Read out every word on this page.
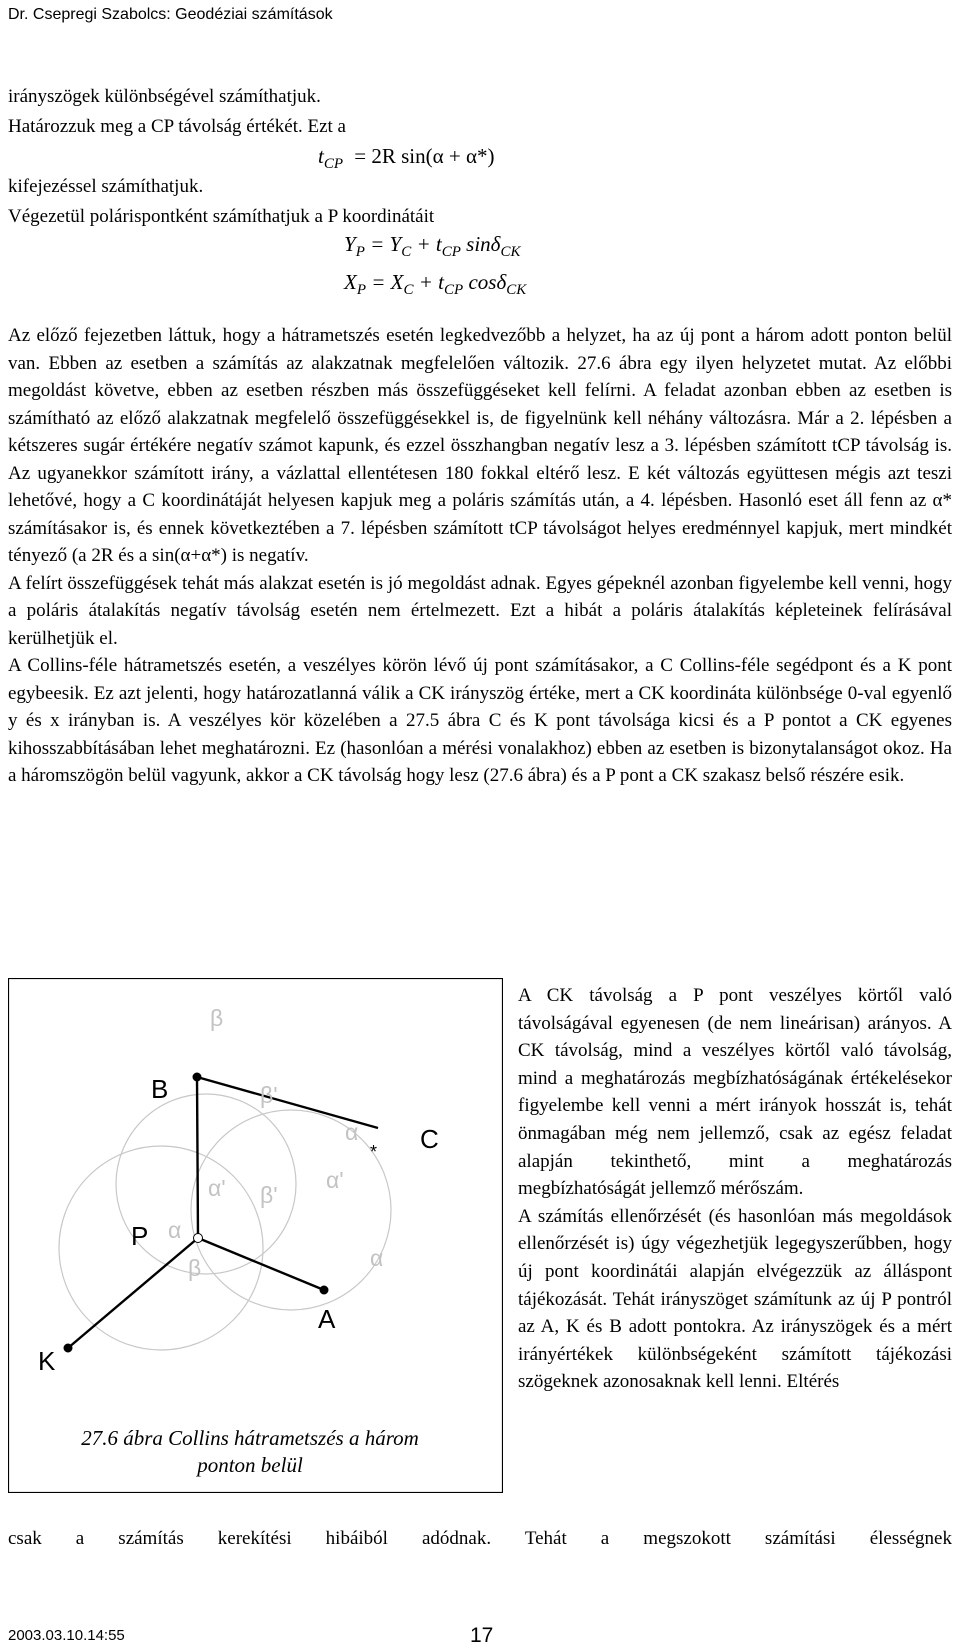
Dr. Csepregi Szabolcs: Geodéziai számítások
irányszögek különbségével számíthatjuk.
Határozzuk meg a CP távolság értékét. Ezt a
$t_{CP} = 2R$ sin(α + α*)
kifejezéssel számíthatjuk.
Végezetül polárispontként számíthatjuk a P koordinátáit
$Y_P = Y_C + t_{CP}$ sinδ$_{CK}$
$X_P = X_C + t_{CP}$ cosδ$_{CK}$

Az előző fejezetben láttuk, hogy a hátrametszés esetén legkedvezőbb a helyzet, ha az új pont a három adott ponton belül van. Ebben az esetben a számítás az alakzatnak megfelelően változik. 27.6 ábra egy ilyen helyzetet mutat. Az előbbi megoldást követve, ebben az esetben részben más összefüggéseket kell felírni. A feladat azonban ebben az esetben is számítható az előző alakzatnak megfelelő összefüggésekkel is, de figyelnünk kell néhány változásra. Már a 2. lépésben a kétszeres sugár értékére negatív számot kapunk, és ezzel összhangban negatív lesz a 3. lépésben számított tCP távolság is. Az ugyanekkor számított irány, a vázlattal ellentétesen 180 fokkal eltérő lesz. E két változás együttesen mégis azt teszi lehetővé, hogy a C koordinátáját helyesen kapjuk meg a poláris számítás után, a 4. lépésben. Hasonló eset áll fenn az α* számításakor is, és ennek következtében a 7. lépésben számított tCP távolságot helyes eredménnyel kapjuk, mert mindkét tényező (a 2R és a sin(α+α*) is negatív.

A felírt összefüggések tehát más alakzat esetén is jó megoldást adnak. Egyes gépeknél azonban figyelembe kell venni, hogy a poláris átalakítás negatív távolság esetén nem értelmezett. Ezt a hibát a poláris átalakítás képleteinek felírásával kerülhetjük el.

A Collins-féle hátrametszés esetén, a veszélyes körön lévő új pont számításakor, a C Collins-féle segédpont és a K pont egybeesik. Ez azt jelenti, hogy határozatlanná válik a CK irányszög értéke, mert a CK koordináta különbsége 0-val egyenlő y és x irányban is. A veszélyes kör közelében a 27.5 ábra C és K pont távolsága kicsi és a P pontot a CK egyenes kihosszabbításában lehet meghatározni. Ez (hasonlóan a mérési vonalakhoz) ebben az esetben is bizonytalanságot okoz. Ha a háromszögön belül vagyunk, akkor a CK távolság hogy lesz (27.6 ábra) és a P pont a CK szakasz belső részére esik.

B
C
P
A
K
β
β'
α
α' β'
α'
α
β	α
*
27.6 ábra Collins hátrametszés a három
ponton belül
A CK távolság a P pont veszélyes körtől való távolságával egyenesen (de nem lineárisan) arányos. A CK távolság, mind a veszélyes körtől való távolság, mind a meghatározás megbízhatóságának értékelésekor figyelembe kell venni a mért irányok hosszát is, tehát önmagában még nem jellemző, csak az egész feladat alapján tekinthető, mint a meghatározás megbízhatóságát jellemző mérőszám.
A számítás ellenőrzését (és hasonlóan más megoldások ellenőrzését is) úgy végezhetjük legegyszerűbben, hogy új pont koordinátái alapján elvégezzük az álláspont tájékozását. Tehát irányszöget számítunk az új P pontról az A, K és B adott pontokra. Az irányszögek és a mért irányértékek különbségeként számított tájékozási szögeknek azonosaknak kell lenni. Eltérés
csak a számítás kerekítési hibáiból adódnak. Tehát a megszokott számítási élességnek
2003.03.10.14:55	17
